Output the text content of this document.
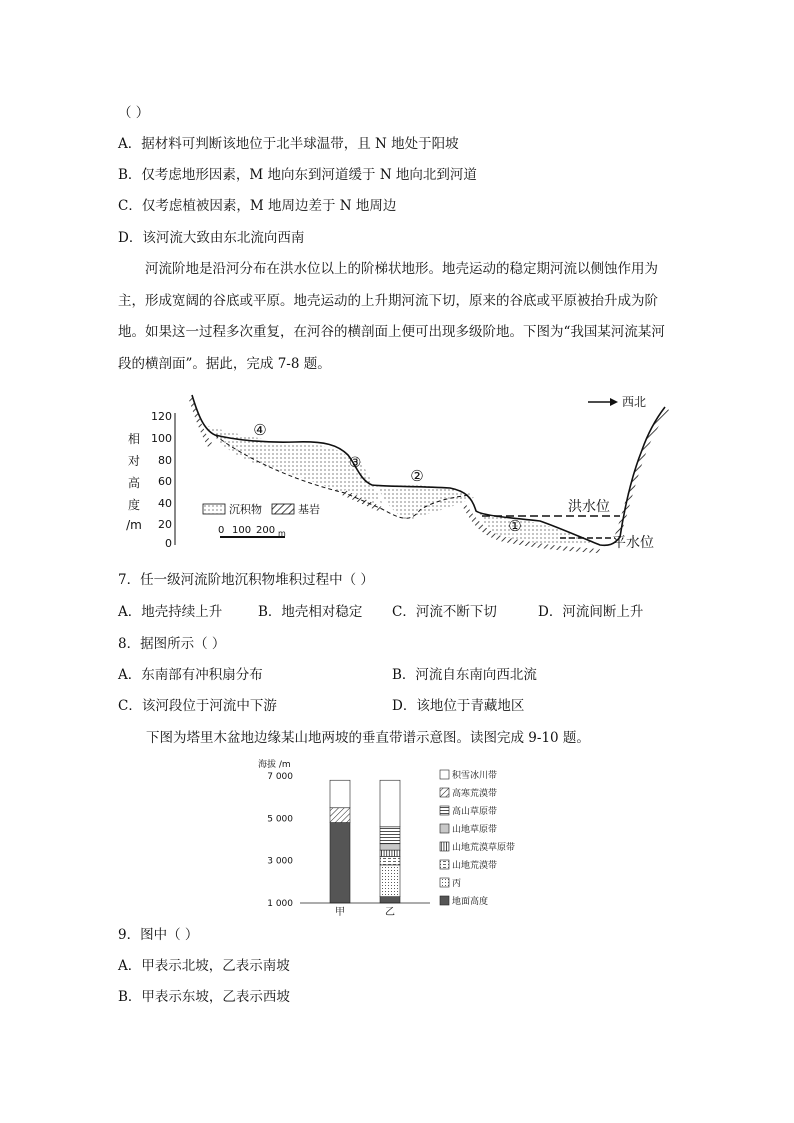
（ ）
A．据材料可判断该地位于北半球温带，且 N 地处于阳坡
B．仅考虑地形因素，M 地向东到河道缓于 N 地向北到河道
C．仅考虑植被因素，M 地周边差于 N 地周边
D．该河流大致由东北流向西南
河流阶地是沿河分布在洪水位以上的阶梯状地形。地壳运动的稳定期河流以侧蚀作用为主，形成宽阔的谷底或平原。地壳运动的上升期河流下切，原来的谷底或平原被抬升成为阶地。如果这一过程多次重复，在河谷的横剖面上便可出现多级阶地。下图为“我国某河流某河段的横剖面”。据此，完成 7-8 题。
120
100
80
60
40
20
0
相
对
高
度
/m
洪水位
平水位
④
③
②
①
西北
沉积物	基岩
0 100 200 m
7．任一级河流阶地沉积物堆积过程中（ ）
A．地壳持续上升	B．地壳相对稳定 C．河流不断下切	D．河流间断上升
8．据图所示（ ）
A．东南部有冲积扇分布	B．河流自东南向西北流
C．该河段位于河流中下游	D．该地位于青藏地区
下图为塔里木盆地边缘某山地两坡的垂直带谱示意图。读图完成 9-10 题。
海拔 /m
7 000
5 000
3 000
1 000
甲	乙
积雪冰川带
高寒荒漠带
高山草原带
山地草原带
山地荒漠草原带
山地荒漠带
丙
地面高度
9．图中（ ）
A．甲表示北坡，乙表示南坡
B．甲表示东坡，乙表示西坡
